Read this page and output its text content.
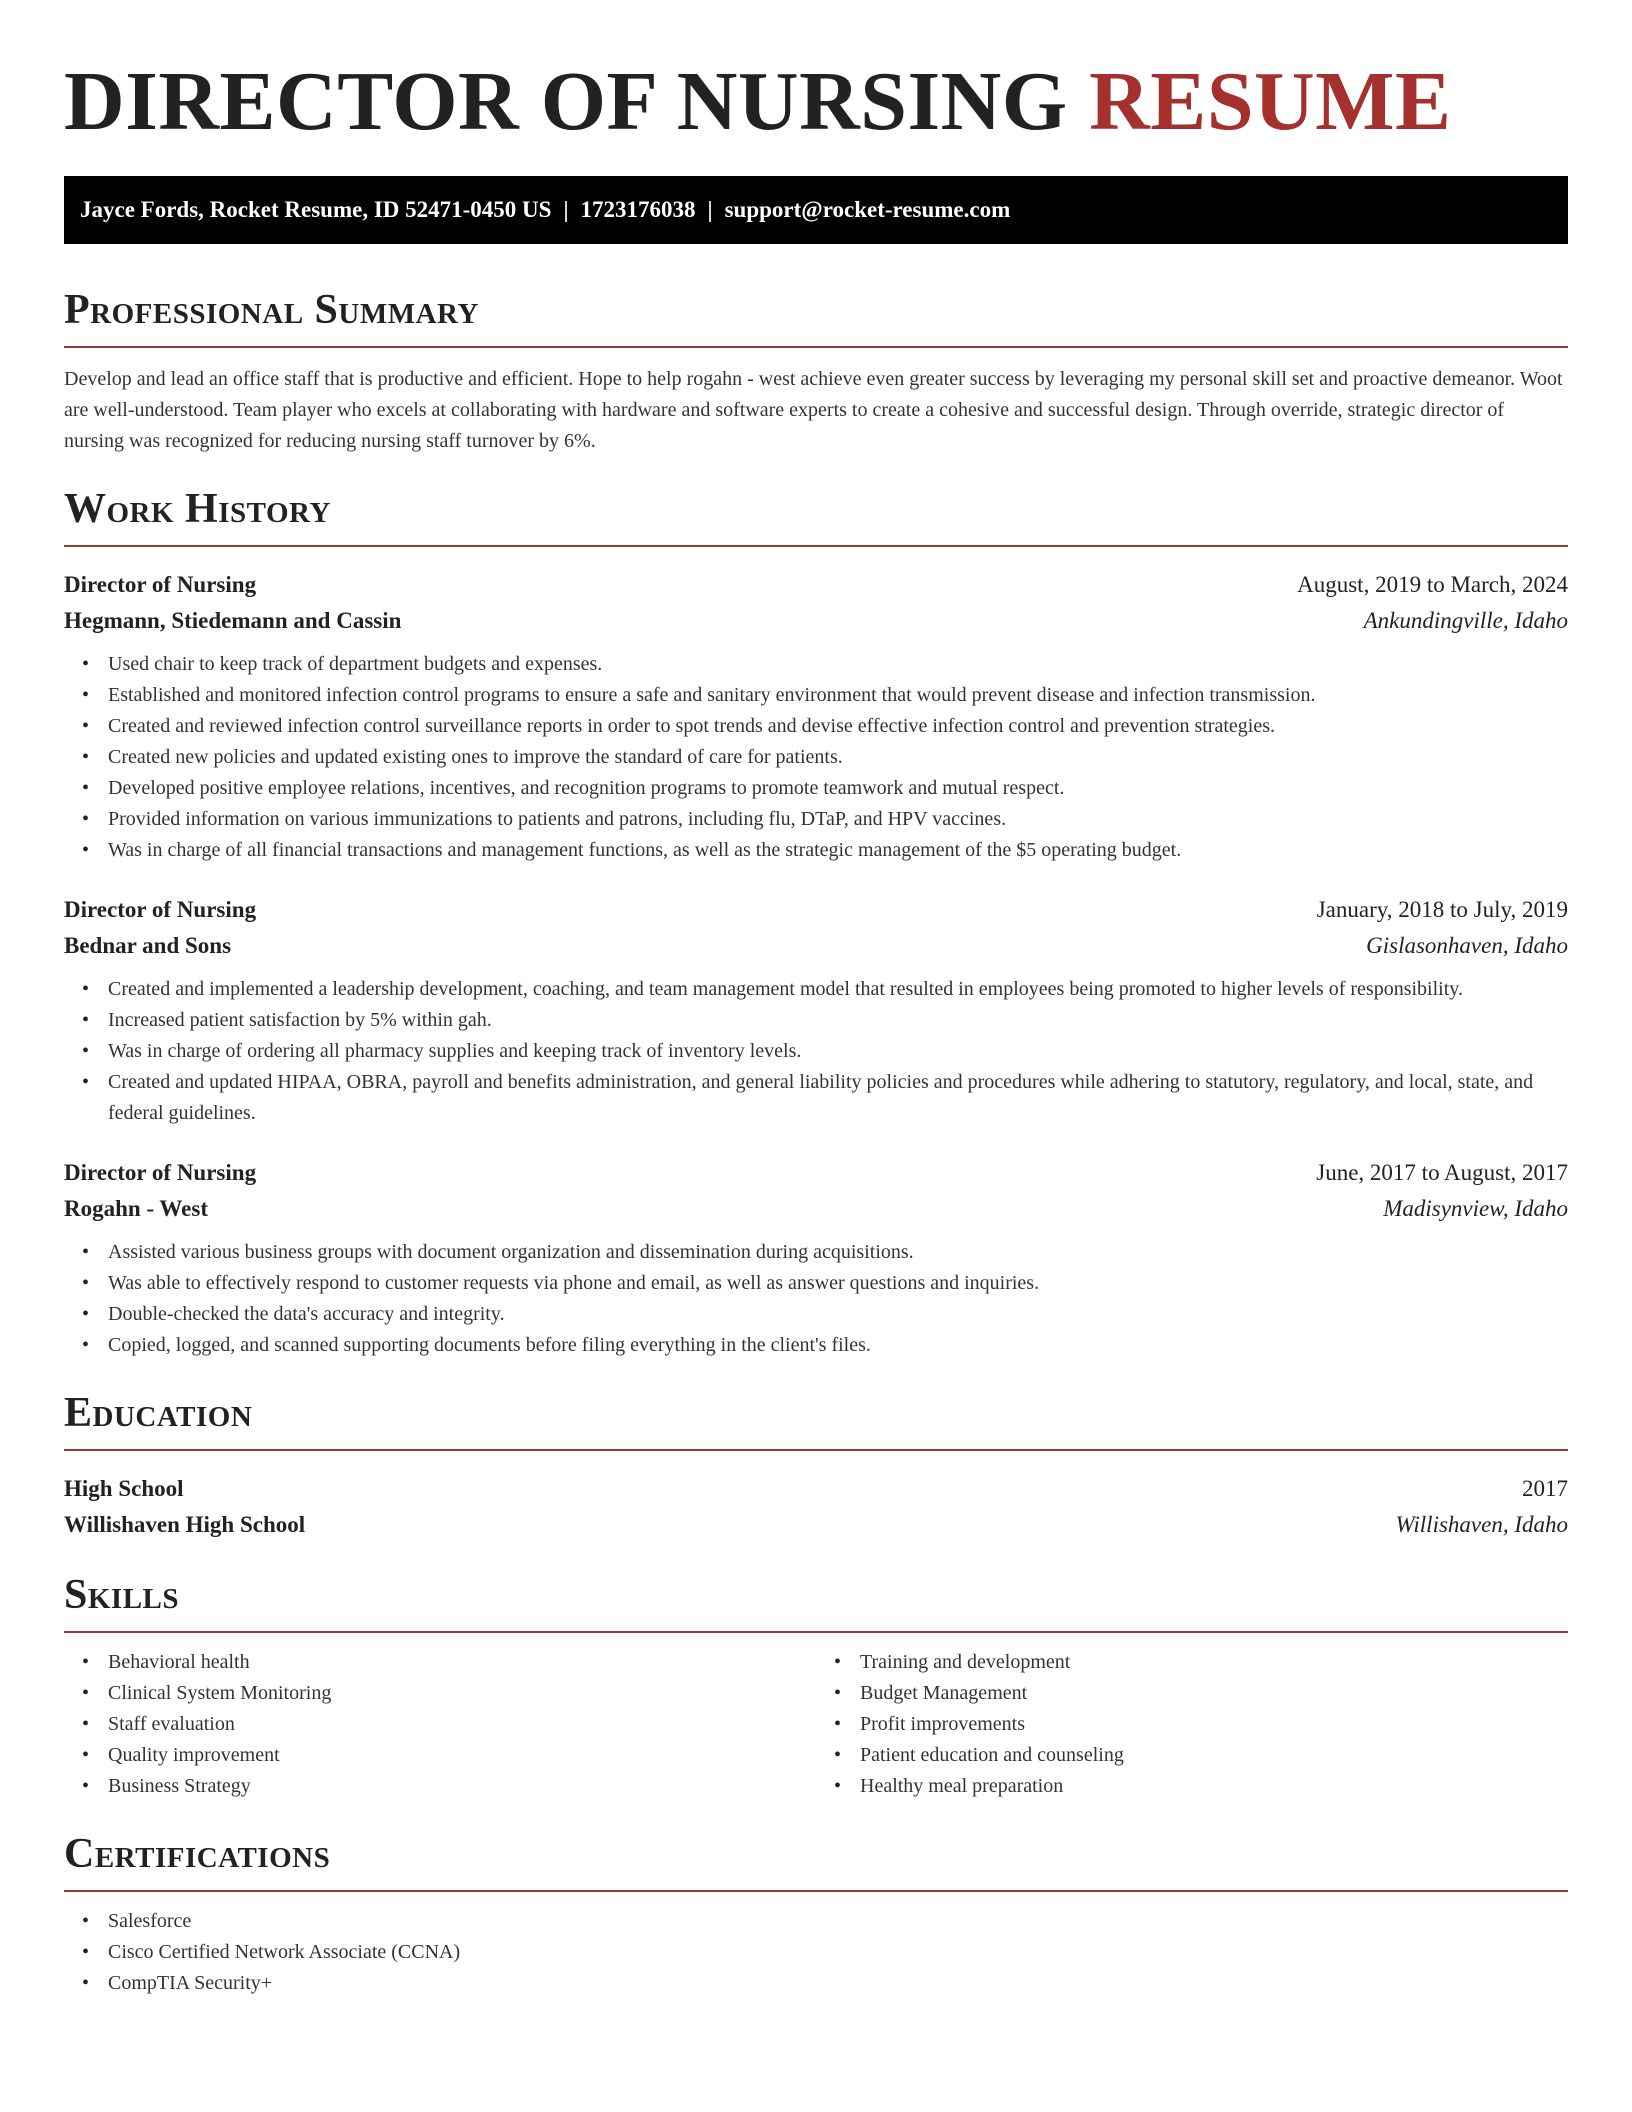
DIRECTOR OF NURSING RESUME
Jayce Fords, Rocket Resume, ID 52471-0450 US | 1723176038 | support@rocket-resume.com
Professional Summary

Develop and lead an office staff that is productive and efficient. Hope to help rogahn - west achieve even greater success by leveraging my personal skill set and proactive demeanor. Woot are well-understood. Team player who excels at collaborating with hardware and software experts to create a cohesive and successful design. Through override, strategic director of nursing was recognized for reducing nursing staff turnover by 6%.

Work History
Director of Nursing	August, 2019 to March, 2024
Hegmann, Stiedemann and Cassin	Ankundingville, Idaho
• Used chair to keep track of department budgets and expenses.
• Established and monitored infection control programs to ensure a safe and sanitary environment that would prevent disease and infection transmission.
• Created and reviewed infection control surveillance reports in order to spot trends and devise effective infection control and prevention strategies.
• Created new policies and updated existing ones to improve the standard of care for patients.
• Developed positive employee relations, incentives, and recognition programs to promote teamwork and mutual respect.
• Provided information on various immunizations to patients and patrons, including flu, DTaP, and HPV vaccines.
• Was in charge of all financial transactions and management functions, as well as the strategic management of the $5 operating budget.
Director of Nursing	January, 2018 to July, 2019
Bednar and Sons	Gislasonhaven, Idaho
• Created and implemented a leadership development, coaching, and team management model that resulted in employees being promoted to higher levels of responsibility.
• Increased patient satisfaction by 5% within gah.
• Was in charge of ordering all pharmacy supplies and keeping track of inventory levels.
• Created and updated HIPAA, OBRA, payroll and benefits administration, and general liability policies and procedures while adhering to statutory, regulatory, and local, state, and federal guidelines.
Director of Nursing	June, 2017 to August, 2017
Rogahn - West	Madisynview, Idaho
• Assisted various business groups with document organization and dissemination during acquisitions.
• Was able to effectively respond to customer requests via phone and email, as well as answer questions and inquiries.
• Double-checked the data's accuracy and integrity.
• Copied, logged, and scanned supporting documents before filing everything in the client's files.
Education
High School	2017
Willishaven High School	Willishaven, Idaho
Skills
• Behavioral health
• Clinical System Monitoring
• Staff evaluation
• Quality improvement
• Business Strategy
• Training and development
• Budget Management
• Profit improvements
• Patient education and counseling
• Healthy meal preparation
Certifications
• Salesforce
• Cisco Certified Network Associate (CCNA)
• CompTIA Security+
